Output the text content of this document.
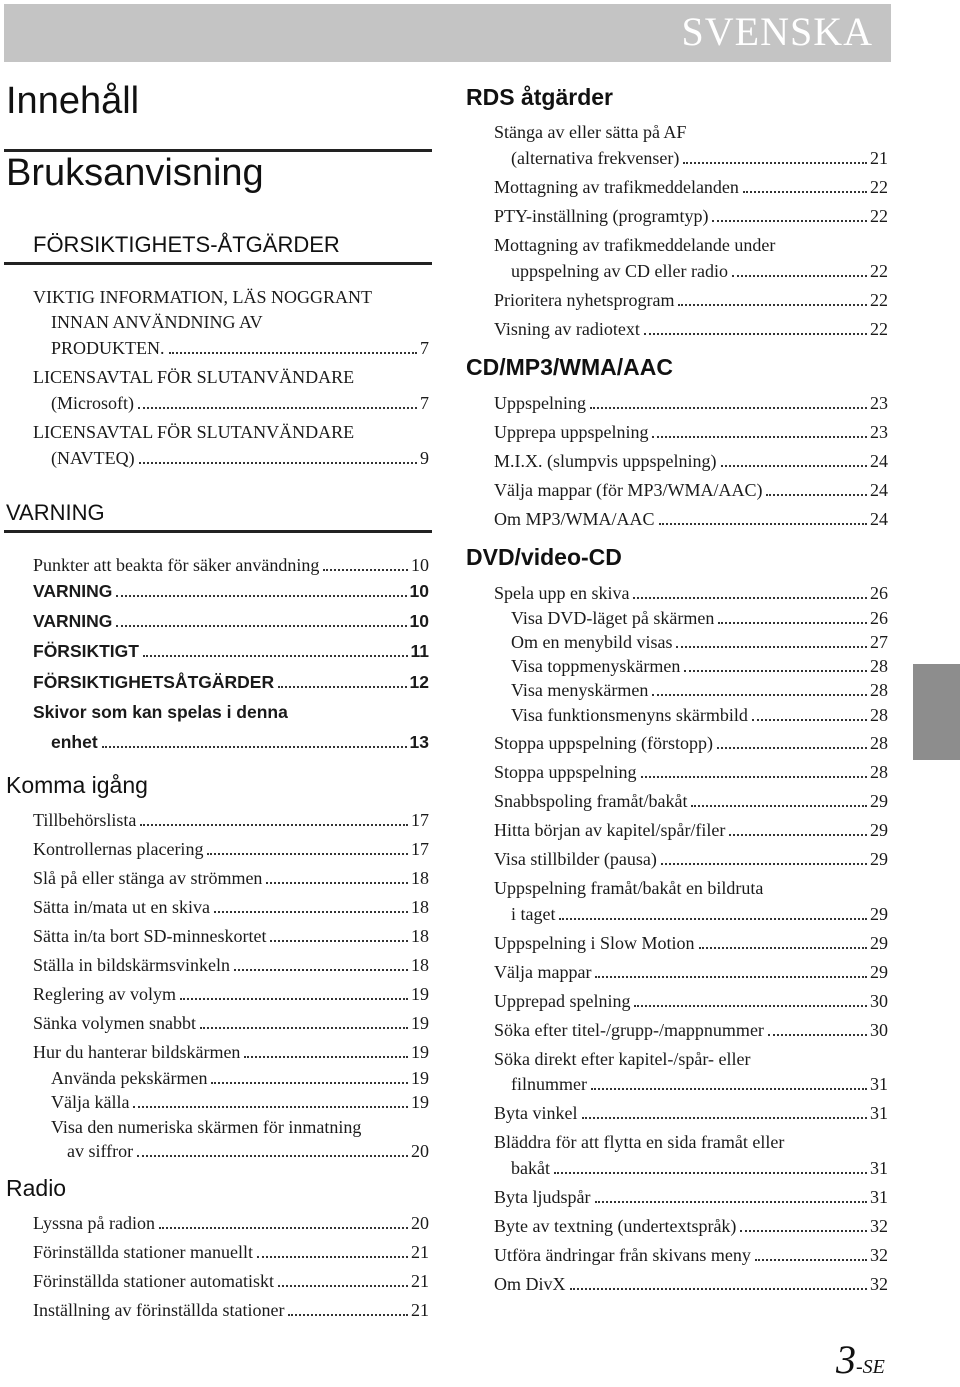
SVENSKA
Innehåll
Bruksanvisning
FÖRSIKTIGHETS-ÅTGÄRDER
VIKTIG INFORMATION, LÄS NOGGRANT
INNAN ANVÄNDNING AV
PRODUKTEN.	7
LICENSAVTAL FÖR SLUTANVÄNDARE
(Microsoft)	7
LICENSAVTAL FÖR SLUTANVÄNDARE
(NAVTEQ)	9
VARNING
Punkter att beakta för säker användning	10
VARNING	10
VARNING	10
FÖRSIKTIGT	11
FÖRSIKTIGHETSÅTGÄRDER	12
Skivor som kan spelas i denna
enhet	13
Komma igång
Tillbehörslista	17
Kontrollernas placering	17
Slå på eller stänga av strömmen	18
Sätta in/mata ut en skiva	18
Sätta in/ta bort SD-minneskortet	18
Ställa in bildskärmsvinkeln	18
Reglering av volym	19
Sänka volymen snabbt	19
Hur du hanterar bildskärmen	19
Använda pekskärmen	19
Välja källa	19
Visa den numeriska skärmen för inmatning
av siffror	20
Radio
Lyssna på radion	20
Förinställda stationer manuellt	21
Förinställda stationer automatiskt	21
Inställning av förinställda stationer	21
RDS åtgärder
Stänga av eller sätta på AF
(alternativa frekvenser)	21
Mottagning av trafikmeddelanden	22
PTY-inställning (programtyp)	22
Mottagning av trafikmeddelande under
uppspelning av CD eller radio	22
Prioritera nyhetsprogram	22
Visning av radiotext	22
CD/MP3/WMA/AAC
Uppspelning	23
Upprepa uppspelning	23
M.I.X. (slumpvis uppspelning)	24
Välja mappar (för MP3/WMA/AAC)	24
Om MP3/WMA/AAC	24
DVD/video-CD
Spela upp en skiva	26
Visa DVD-läget på skärmen	26
Om en menybild visas	27
Visa toppmenyskärmen	28
Visa menyskärmen	28
Visa funktionsmenyns skärmbild	28
Stoppa uppspelning (förstopp)	28
Stoppa uppspelning	28
Snabbspoling framåt/bakåt	29
Hitta början av kapitel/spår/filer	29
Visa stillbilder (pausa)	29
Uppspelning framåt/bakåt en bildruta
i taget	29
Uppspelning i Slow Motion	29
Välja mappar	29
Upprepad spelning	30
Söka efter titel-/grupp-/mappnummer	30
Söka direkt efter kapitel-/spår- eller
filnummer	31
Byta vinkel	31
Bläddra för att flytta en sida framåt eller
bakåt	31
Byta ljudspår	31
Byte av textning (undertextspråk)	32
Utföra ändringar från skivans meny	32
Om DivX	32
3-SE
